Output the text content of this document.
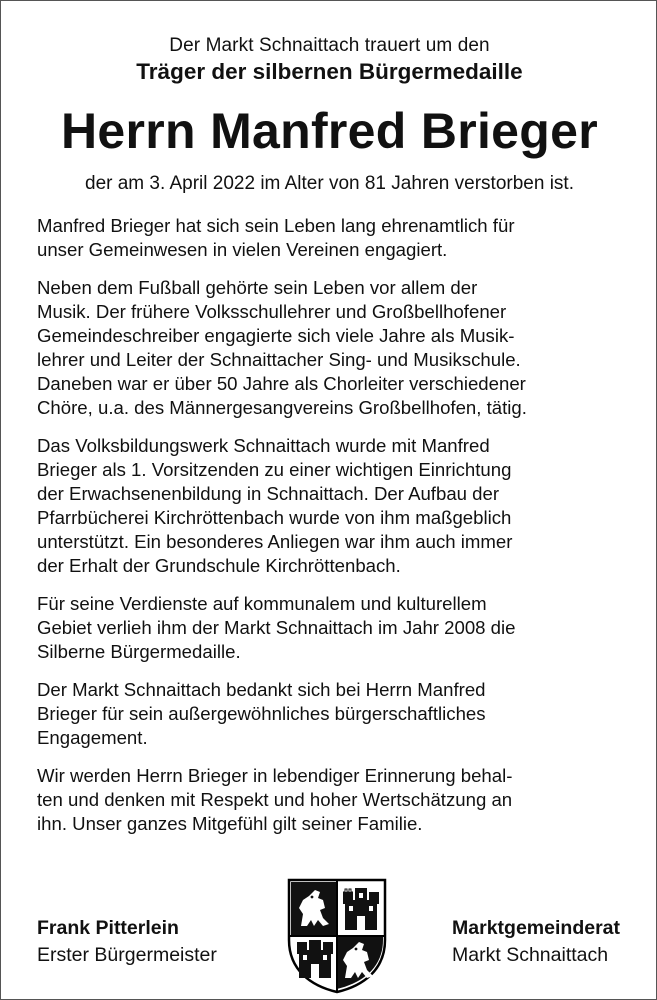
Der Markt Schnaittach trauert um den
Träger der silbernen Bürgermedaille
Herrn Manfred Brieger
der am 3. April 2022 im Alter von 81 Jahren verstorben ist.

Manfred Brieger hat sich sein Leben lang ehrenamtlich für
unser Gemeinwesen in vielen Vereinen engagiert.

Neben dem Fußball gehörte sein Leben vor allem der
Musik. Der frühere Volksschullehrer und Großbellhofener
Gemeindeschreiber engagierte sich viele Jahre als Musik-
lehrer und Leiter der Schnaittacher Sing- und Musikschule.
Daneben war er über 50 Jahre als Chorleiter verschiedener
Chöre, u.a. des Männergesangvereins Großbellhofen, tätig.

Das Volksbildungswerk Schnaittach wurde mit Manfred
Brieger als 1. Vorsitzenden zu einer wichtigen Einrichtung
der Erwachsenenbildung in Schnaittach. Der Aufbau der
Pfarrbücherei Kirchröttenbach wurde von ihm maßgeblich
unterstützt. Ein besonderes Anliegen war ihm auch immer
der Erhalt der Grundschule Kirchröttenbach.

Für seine Verdienste auf kommunalem und kulturellem
Gebiet verlieh ihm der Markt Schnaittach im Jahr 2008 die
Silberne Bürgermedaille.

Der Markt Schnaittach bedankt sich bei Herrn Manfred
Brieger für sein außergewöhnliches bürgerschaftliches
Engagement.

Wir werden Herrn Brieger in lebendiger Erinnerung behal-
ten und denken mit Respekt und hoher Wertschätzung an
ihn. Unser ganzes Mitgefühl gilt seiner Familie.

Frank Pitterlein
Erster Bürgermeister
Marktgemeinderat
Markt Schnaittach
